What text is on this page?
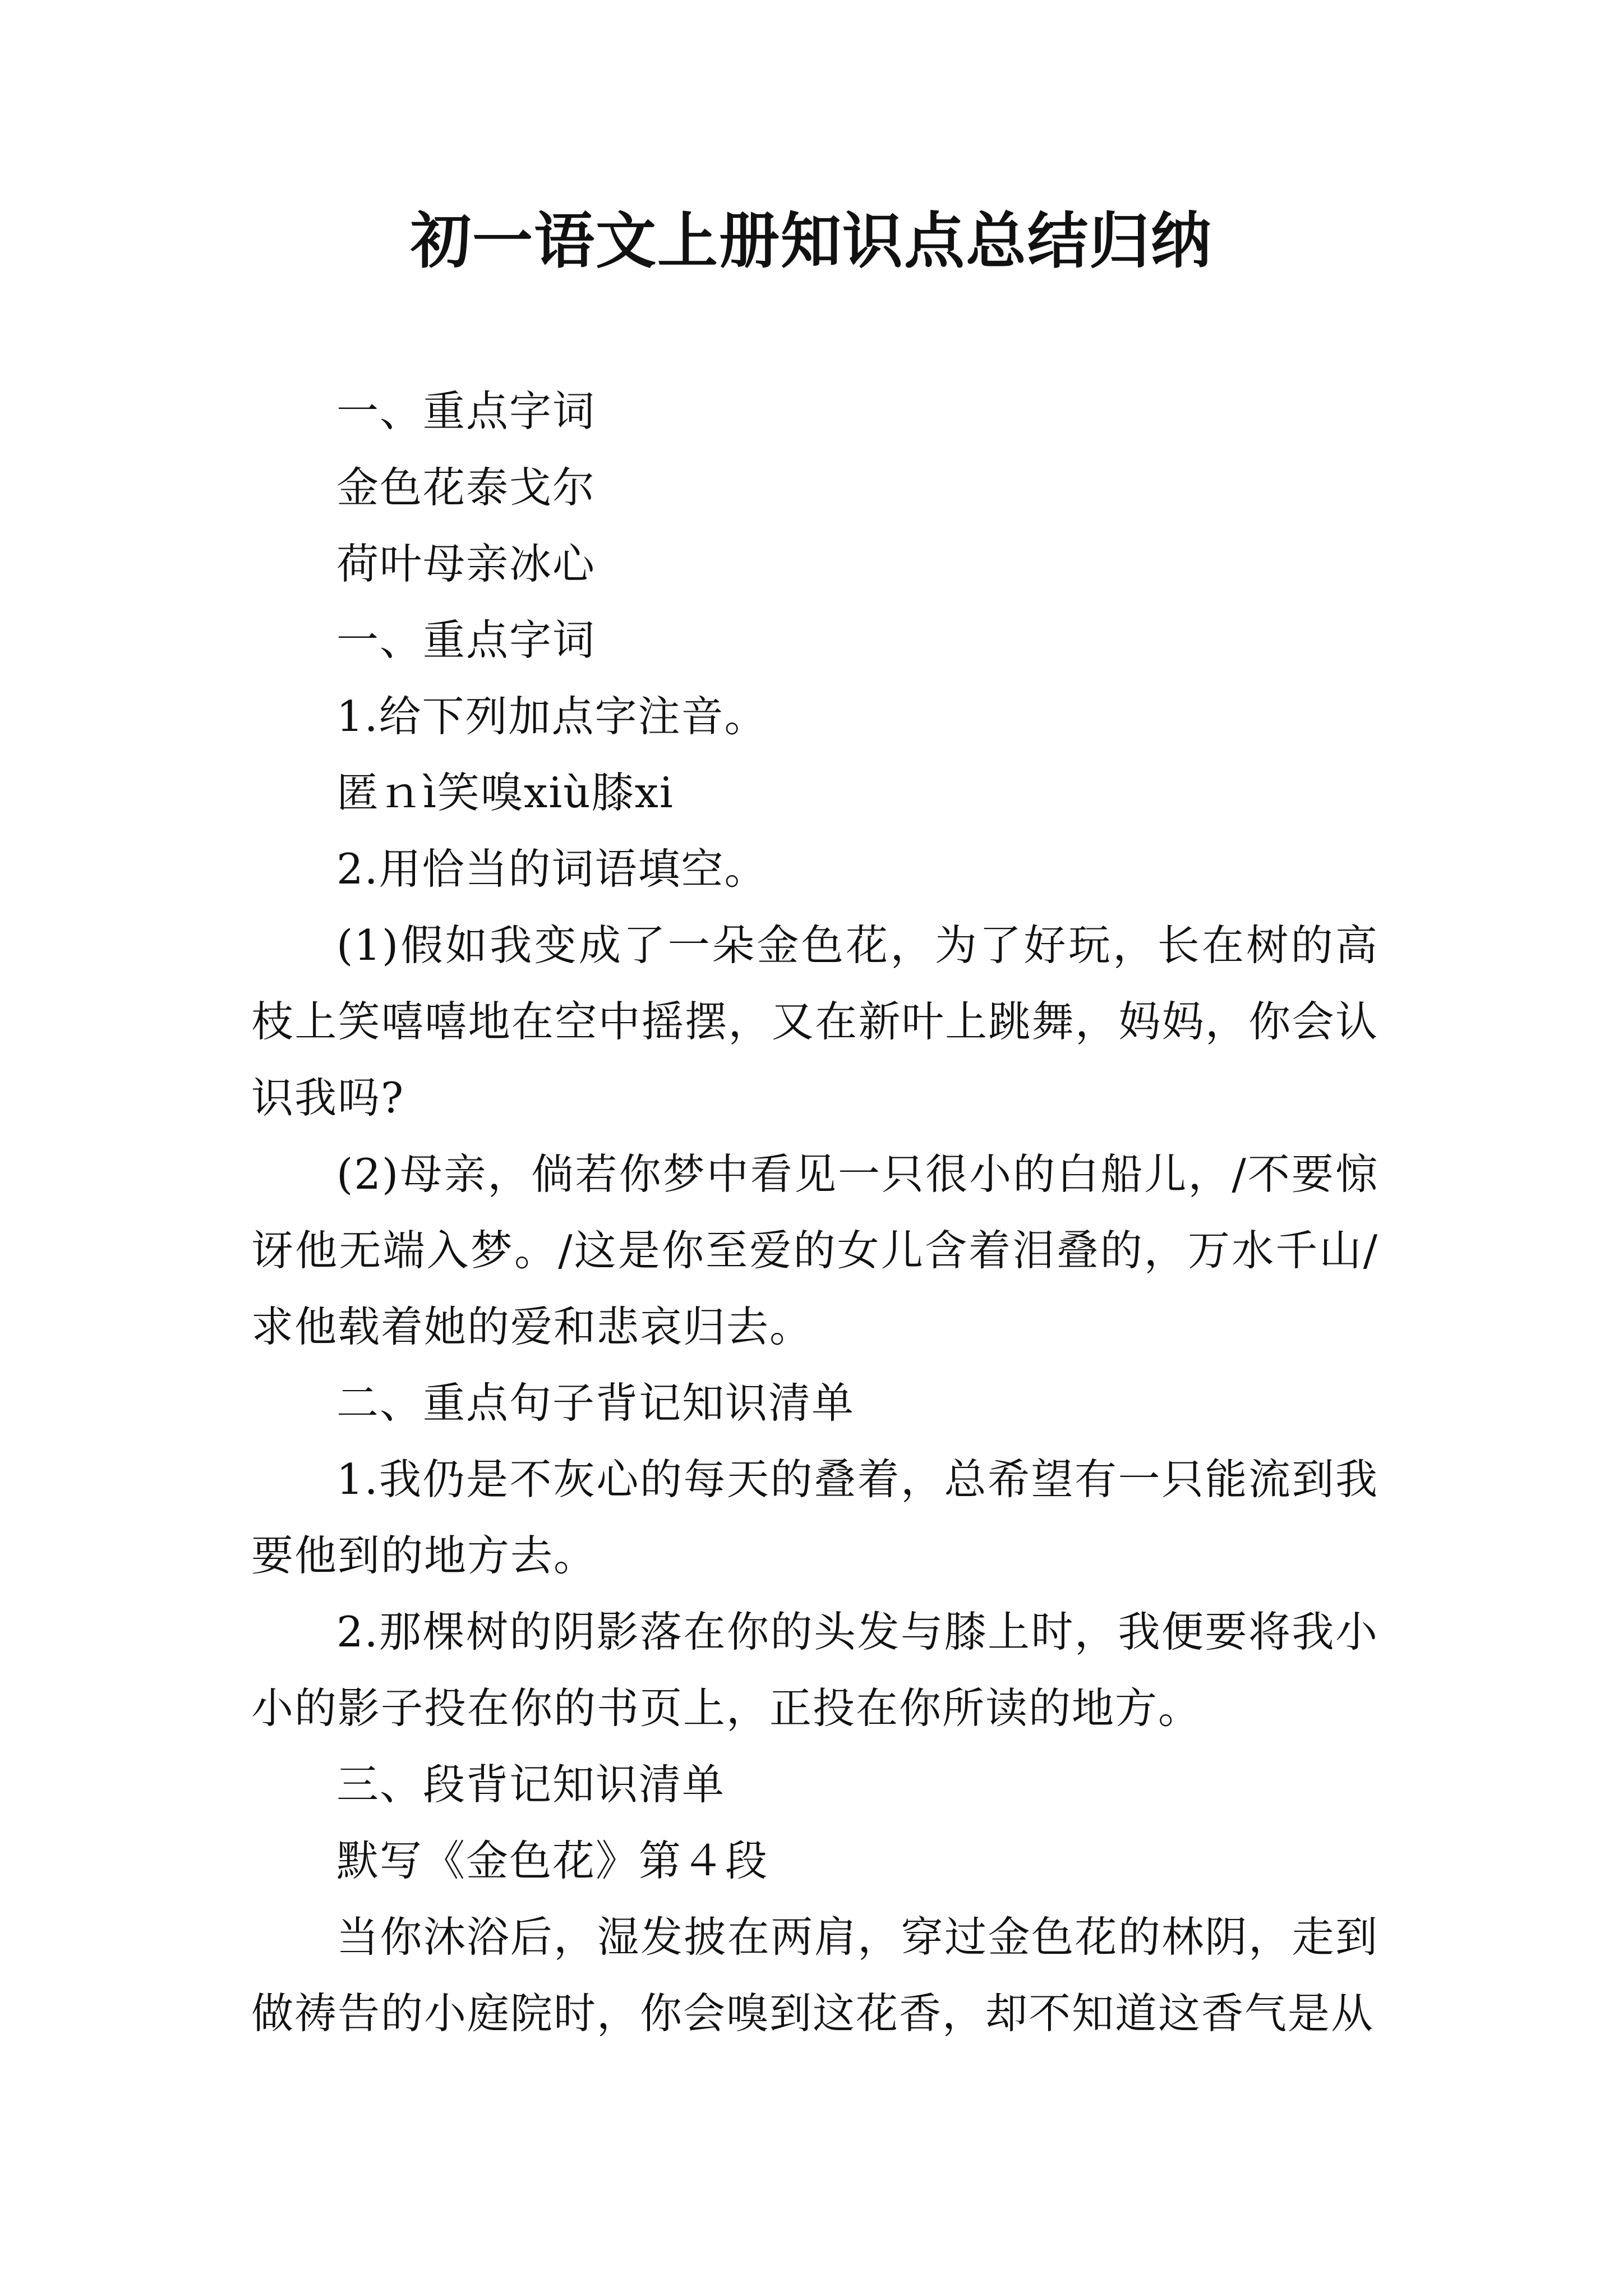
初一语文上册知识点总结归纳

一、重点字词

金色花泰戈尔

荷叶母亲冰心

一、重点字词

1.给下列加点字注音。

匿ｎì笑嗅xiù膝xi

2.用恰当的词语填空。

(1)假如我变成了一朵金色花，为了好玩，长在树的高枝上笑嘻嘻地在空中摇摆，又在新叶上跳舞，妈妈，你会认识我吗?

(2)母亲，倘若你梦中看见一只很小的白船儿，/不要惊讶他无端入梦。/这是你至爱的女儿含着泪叠的，万水千山/求他载着她的爱和悲哀归去。

二、重点句子背记知识清单

1.我仍是不灰心的每天的叠着，总希望有一只能流到我要他到的地方去。

2.那棵树的阴影落在你的头发与膝上时，我便要将我小小的影子投在你的书页上，正投在你所读的地方。

三、段背记知识清单

默写《金色花》第４段

当你沐浴后，湿发披在两肩，穿过金色花的林阴，走到做祷告的小庭院时，你会嗅到这花香，却不知道这香气是从
